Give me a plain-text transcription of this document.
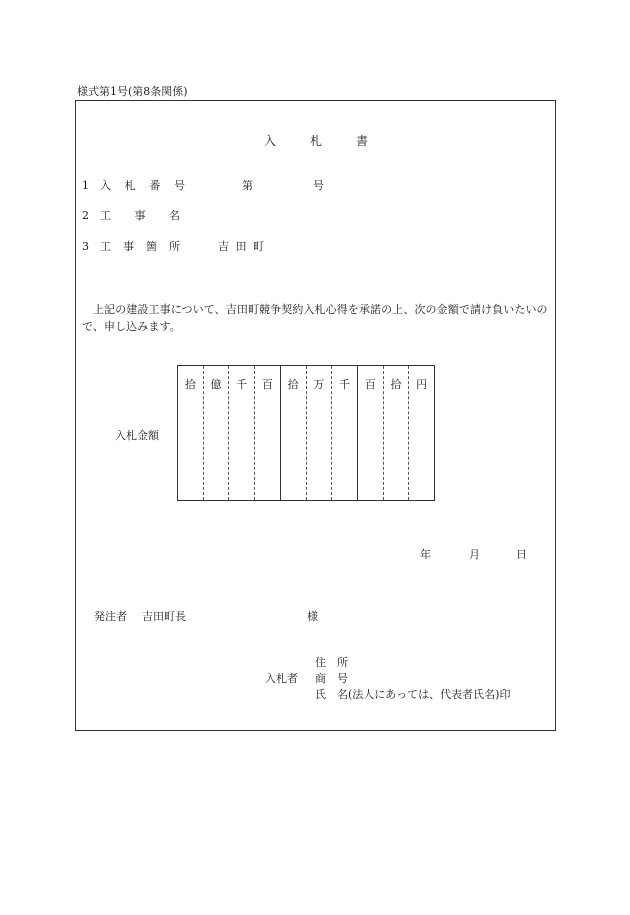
様式第1号(第8条関係)
入	札	書
1 入 札 番 号	第	号
2 工 事 名
3 工 事 箇 所	吉 田 町
上記の建設工事について、吉田町競争契約入札心得を承諾の上、次の金額で請け負いたいので、申し込みます。
入札金額
拾	億	千	百	拾	万	千	百	拾	円
年	月	日
発注者 吉田町長	様
住 所
入札者 商 号
氏　名(法人にあっては、代表者氏名)印
